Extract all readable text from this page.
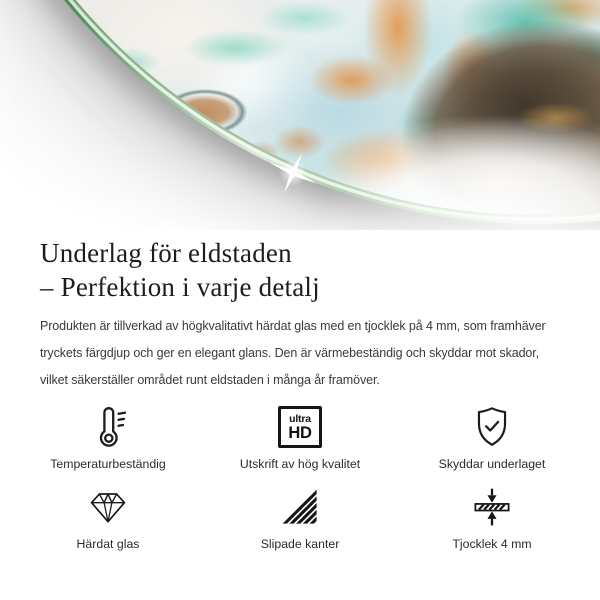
Underlag för eldstaden
– Perfektion i varje detalj

Produkten är tillverkad av högkvalitativt härdat glas med en tjocklek på 4 mm, som framhäver
tryckets färgdjup och ger en elegant glans. Den är värmebeständig och skyddar mot skador,
vilket säkerställer området runt eldstaden i många år framöver.

Temperaturbeständig
ultra
HD
Utskrift av hög kvalitet	Skyddar underlaget
Härdat glas	Slipade kanter	Tjocklek 4 mm
